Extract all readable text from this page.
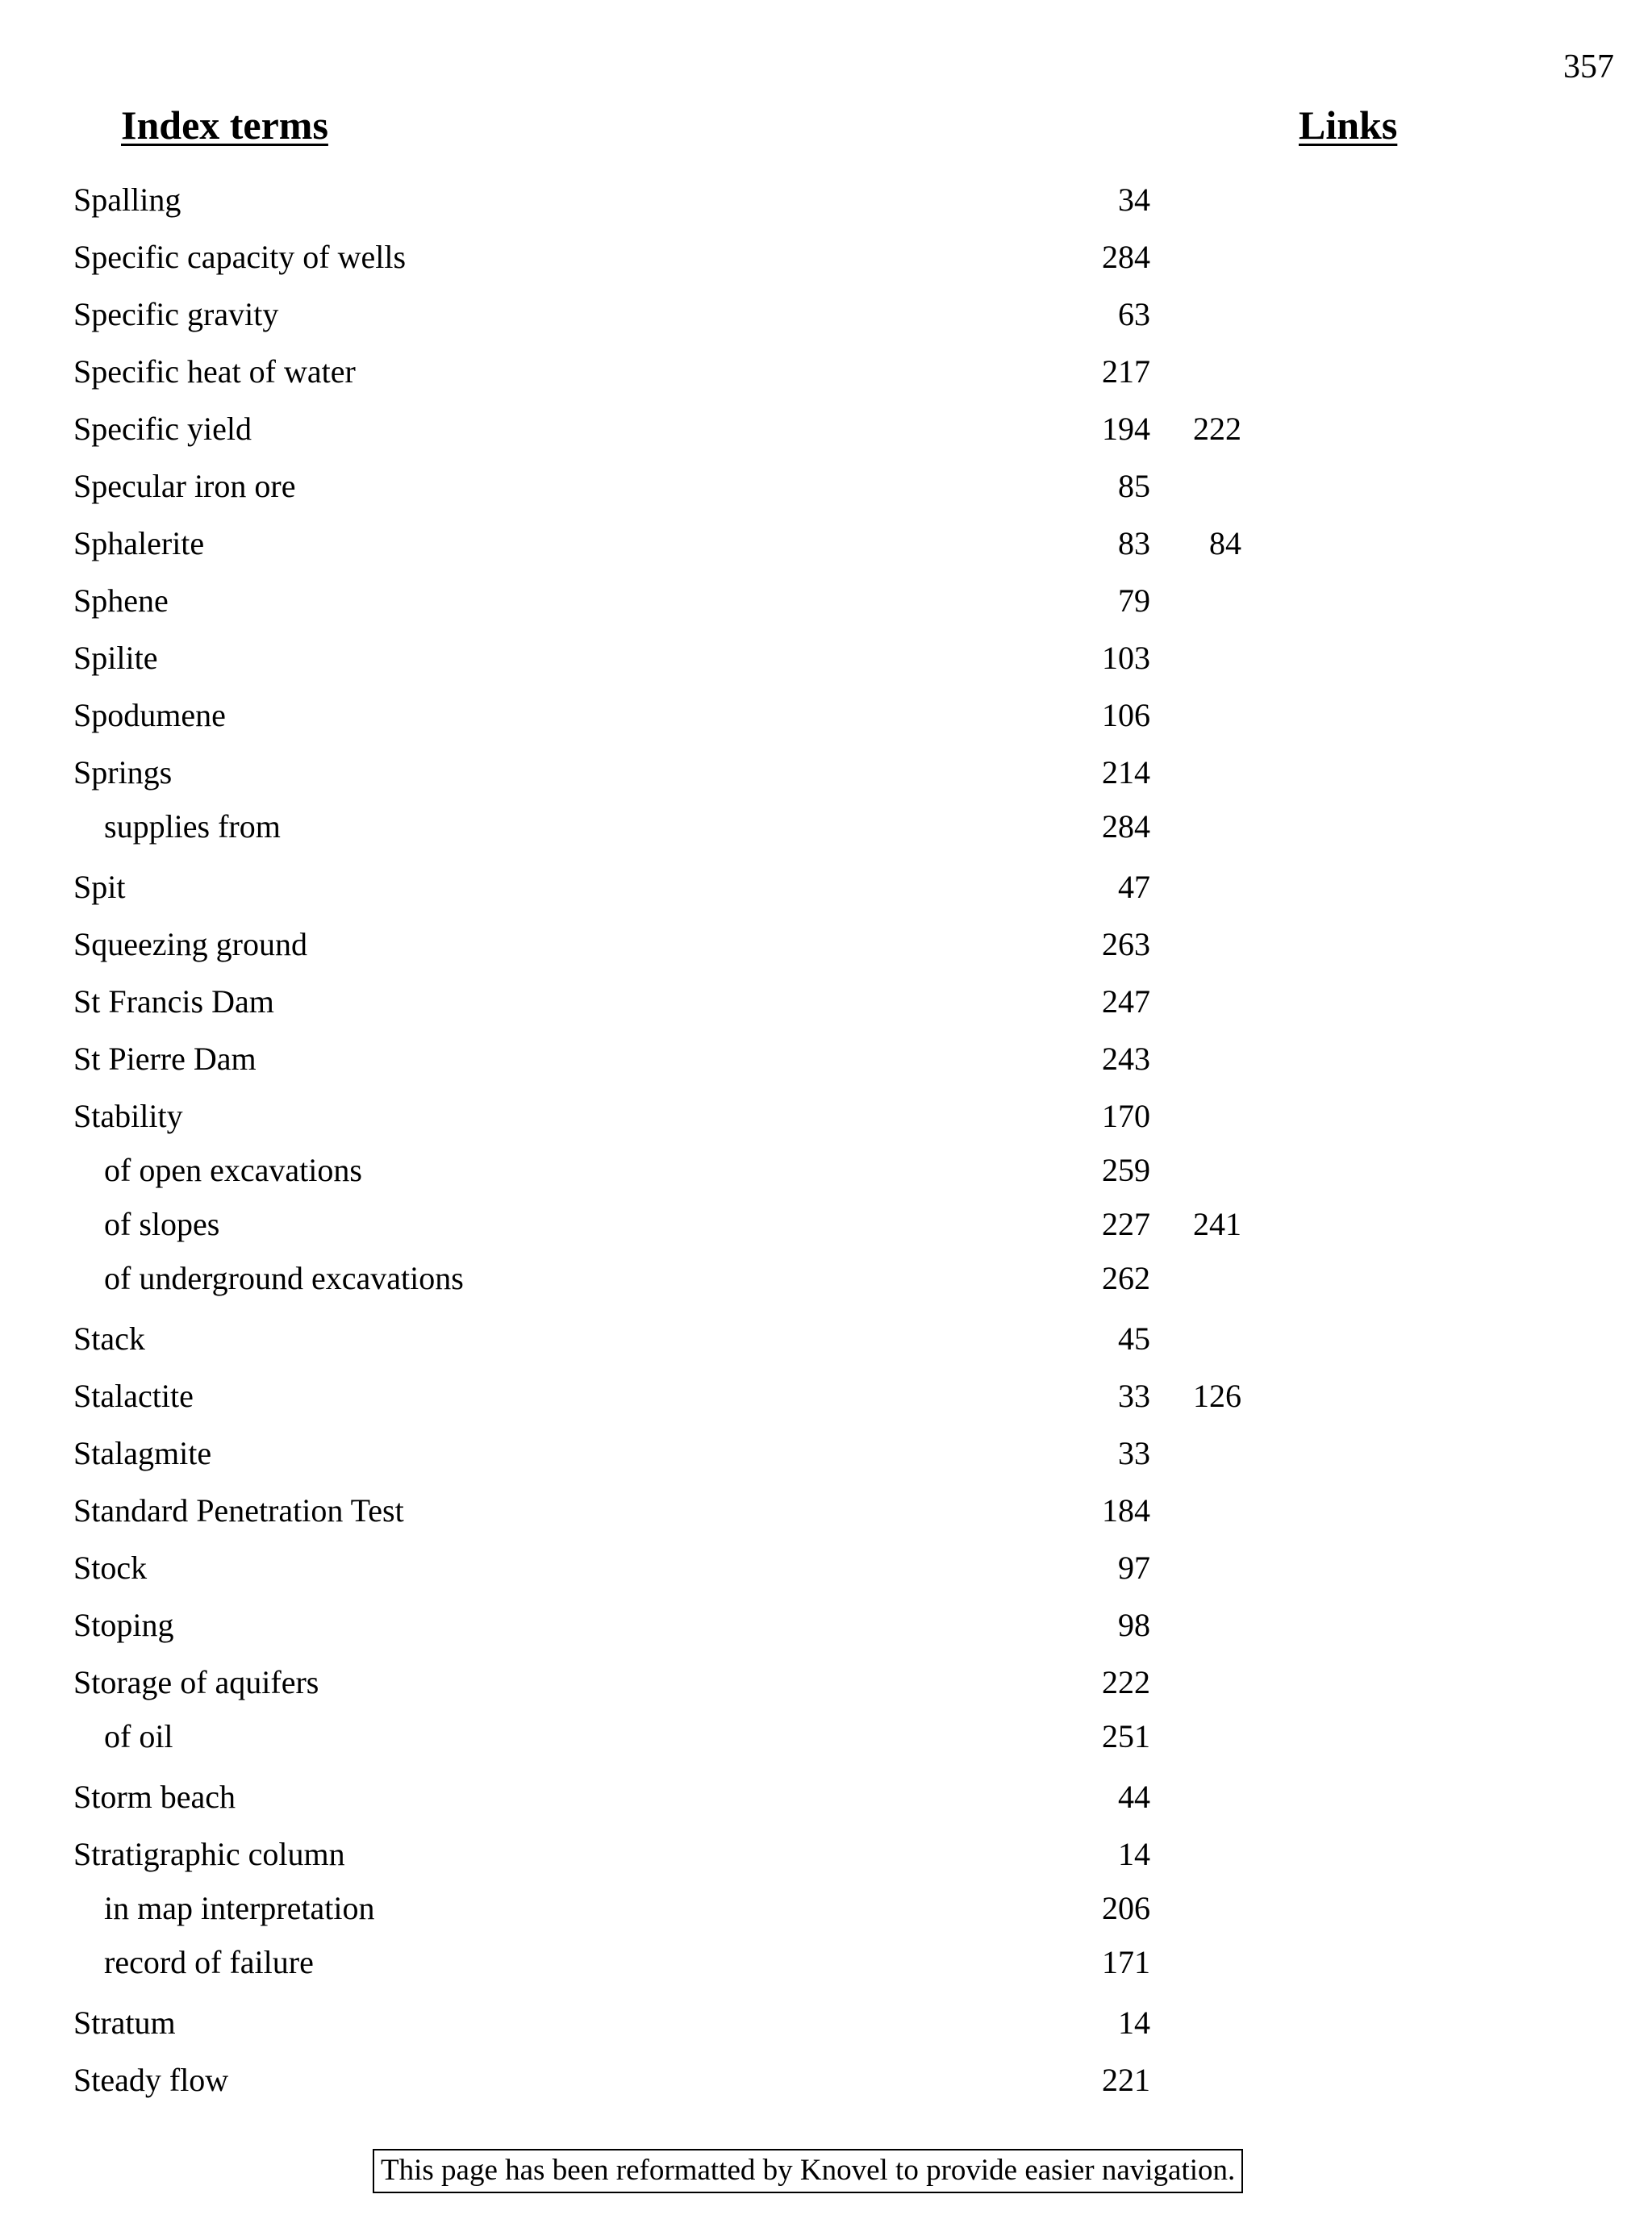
357
Index terms	Links
Spalling	34
Specific capacity of wells	284
Specific gravity	63
Specific heat of water	217
Specific yield	194 222
Specular iron ore	85
Sphalerite	83 84
Sphene	79
Spilite	103
Spodumene	106
Springs	214
supplies from	284
Spit	47
Squeezing ground	263
St Francis Dam	247
St Pierre Dam	243
Stability	170
of open excavations	259
of slopes	227 241
of underground excavations	262
Stack	45
Stalactite	33 126
Stalagmite	33
Standard Penetration Test	184
Stock	97
Stoping	98
Storage of aquifers	222
of oil	251
Storm beach	44
Stratigraphic column	14
in map interpretation	206
record of failure	171
Stratum	14
Steady flow	221
This page has been reformatted by Knovel to provide easier navigation.
